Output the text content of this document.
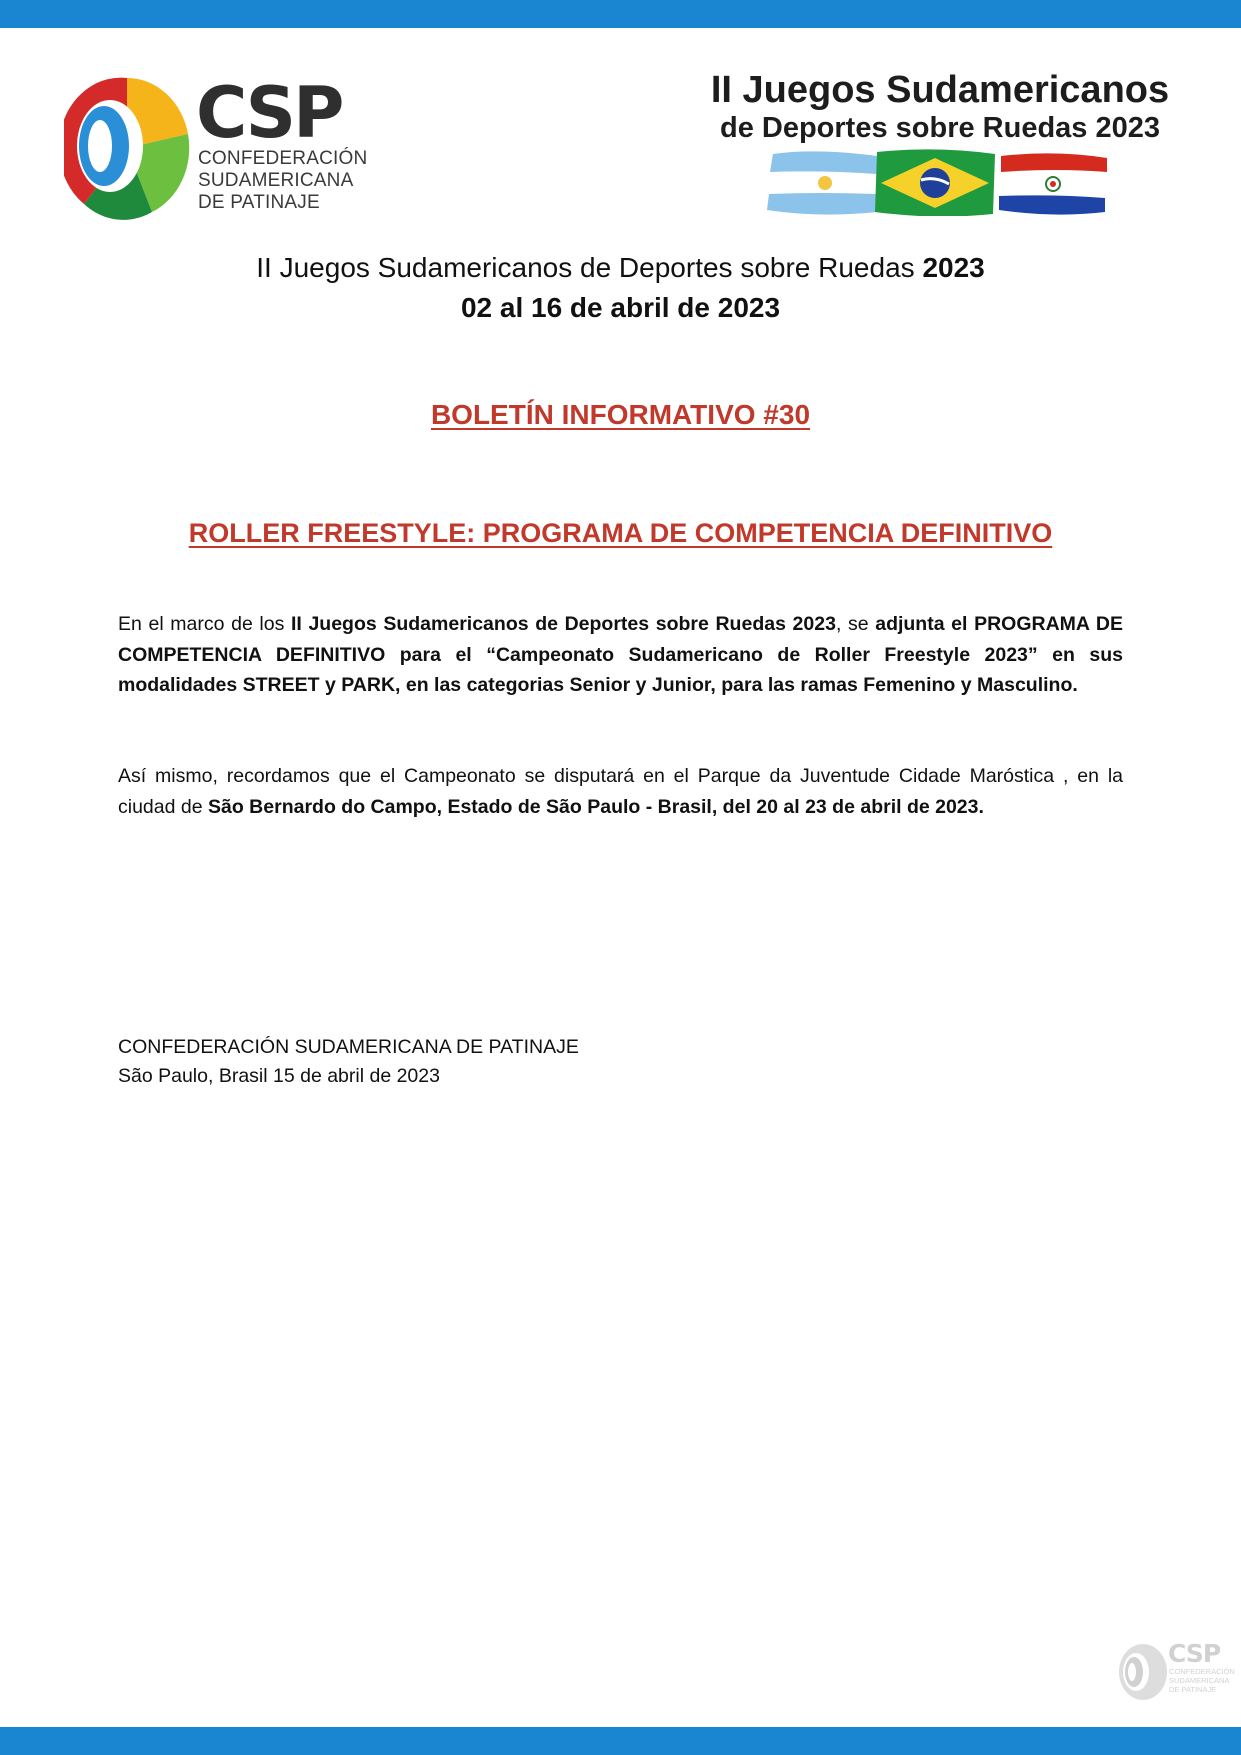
CSP
CONFEDERACIÓN
SUDAMERICANA
DE PATINAJE
II Juegos Sudamericanos
de Deportes sobre Ruedas 2023
II Juegos Sudamericanos de Deportes sobre Ruedas 2023
02 al 16 de abril de 2023
BOLETÍN INFORMATIVO #30
ROLLER FREESTYLE: PROGRAMA DE COMPETENCIA DEFINITIVO
En el marco de los II Juegos Sudamericanos de Deportes sobre Ruedas 2023, se adjunta el PROGRAMA DE COMPETENCIA DEFINITIVO para el “Campeonato Sudamericano de Roller Freestyle 2023” en sus modalidades STREET y PARK, en las categorias Senior y Junior, para las ramas Femenino y Masculino.
Así mismo, recordamos que el Campeonato se disputará en el Parque da Juventude Cidade Maróstica , en la ciudad de São Bernardo do Campo, Estado de São Paulo - Brasil, del 20 al 23 de abril de 2023.
CONFEDERACIÓN SUDAMERICANA DE PATINAJE
São Paulo, Brasil 15 de abril de 2023
CSP
CONFEDERACIÓN
SUDAMERICANA
DE PATINAJE
